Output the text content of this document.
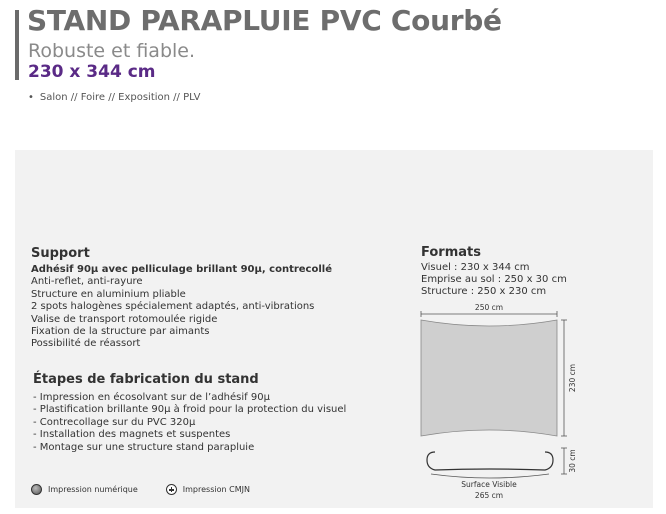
STAND PARAPLUIE PVC Courbé
Robuste et fiable.
230 x 344 cm
• Salon // Foire // Exposition // PLV
Support
Adhésif 90µ avec pelliculage brillant 90µ, contrecollé
Anti-reflet, anti-rayure
Structure en aluminium pliable
2 spots halogènes spécialement adaptés, anti-vibrations
Valise de transport rotomoulée rigide
Fixation de la structure par aimants
Possibilité de réassort
Étapes de fabrication du stand
- Impression en écosolvant sur de l’adhésif 90µ
- Plastification brillante 90µ à froid pour la protection du visuel
- Contrecollage sur du PVC 320µ
- Installation des magnets et suspentes
- Montage sur une structure stand parapluie
Formats
Visuel : 230 x 344 cm
Emprise au sol : 250 x 30 cm
Structure : 250 x 230 cm
250 cm
230 cm
30 cm
Surface Visible
265 cm
Impression numérique	Impression CMJN
